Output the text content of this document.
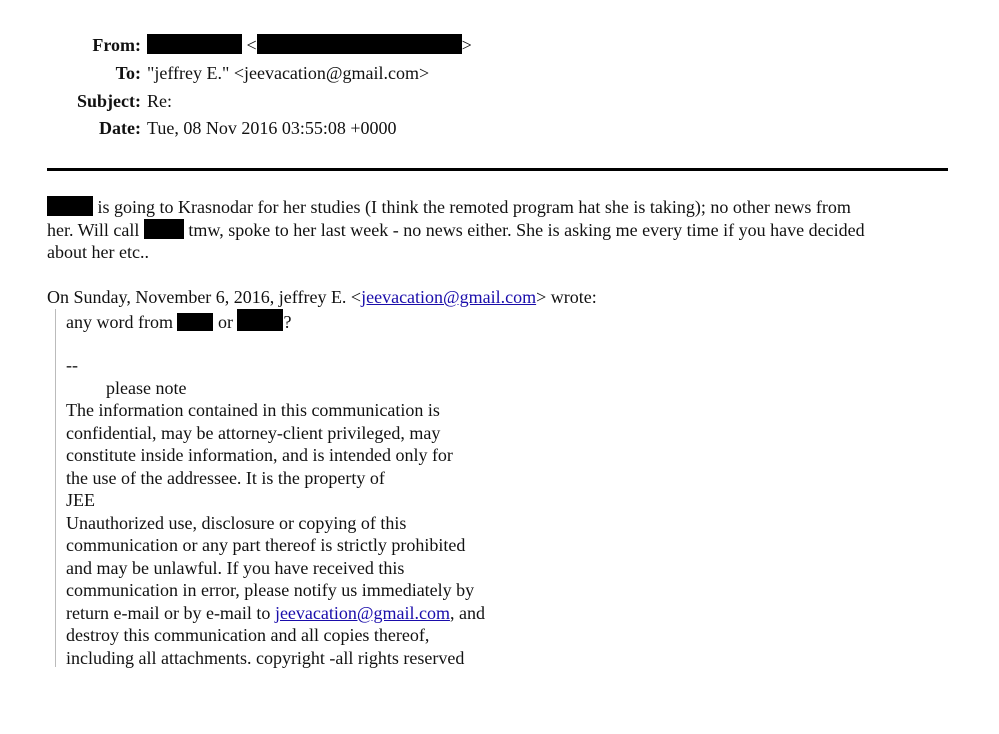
From:	<	>
To: "jeffrey E." <jeevacation@gmail.com>
Subject: Re:
Date: Tue, 08 Nov 2016 03:55:08 +0000
is going to Krasnodar for her studies (I think the remoted program hat she is taking); no other news from
her. Will call  tmw, spoke to her last week - no news either. She is asking me every time if you have decided
about her etc..
On Sunday, November 6, 2016, jeffrey E. <jeevacation@gmail.com> wrote:
any word from  or	?
--
please note
The information contained in this communication is
confidential, may be attorney-client privileged, may
constitute inside information, and is intended only for
the use of the addressee. It is the property of
JEE
Unauthorized use, disclosure or copying of this
communication or any part thereof is strictly prohibited
and may be unlawful. If you have received this
communication in error, please notify us immediately by
return e-mail or by e-mail to jeevacation@gmail.com, and
destroy this communication and all copies thereof,
including all attachments. copyright -all rights reserved
